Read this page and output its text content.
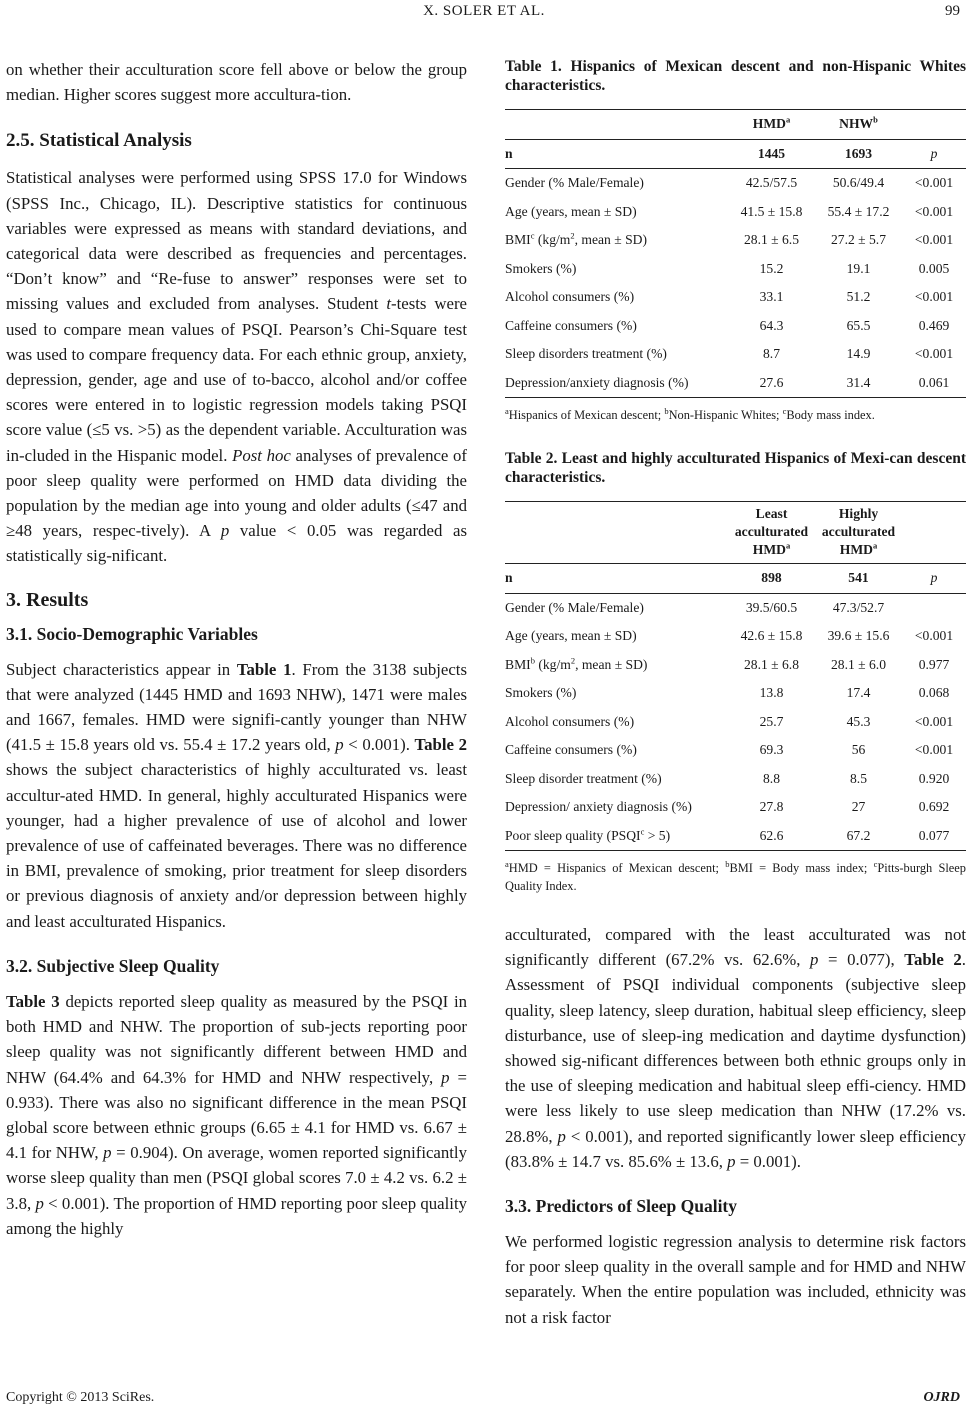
X. SOLER ET AL.	99

on whether their acculturation score fell above or below the group median. Higher scores suggest more accultura-tion.

2.5. Statistical Analysis

Statistical analyses were performed using SPSS 17.0 for Windows (SPSS Inc., Chicago, IL). Descriptive statistics for continuous variables were expressed as means with standard deviations, and categorical data were described as frequencies and percentages. “Don’t know” and “Re-fuse to answer” responses were set to missing values and excluded from analyses. Student t-tests were used to compare mean values of PSQI. Pearson’s Chi-Square test was used to compare frequency data. For each ethnic group, anxiety, depression, gender, age and use of to-bacco, alcohol and/or coffee scores were entered in to logistic regression models taking PSQI score value (≤5 vs. >5) as the dependent variable. Acculturation was in-cluded in the Hispanic model. Post hoc analyses of prevalence of poor sleep quality were performed on HMD data dividing the population by the median age into young and older adults (≤47 and ≥48 years, respec-tively). A p value < 0.05 was regarded as statistically sig-nificant.

3. Results
3.1. Socio-Demographic Variables

Subject characteristics appear in Table 1. From the 3138 subjects that were analyzed (1445 HMD and 1693 NHW), 1471 were males and 1667, females. HMD were signifi-cantly younger than NHW (41.5 ± 15.8 years old vs. 55.4 ± 17.2 years old, p < 0.001). Table 2 shows the subject characteristics of highly acculturated vs. least accultur-ated HMD. In general, highly acculturated Hispanics were younger, had a higher prevalence of use of alcohol and lower prevalence of use of caffeinated beverages. There was no difference in BMI, prevalence of smoking, prior treatment for sleep disorders or previous diagnosis of anxiety and/or depression between highly and least acculturated Hispanics.

3.2. Subjective Sleep Quality

Table 3 depicts reported sleep quality as measured by the PSQI in both HMD and NHW. The proportion of sub-jects reporting poor sleep quality was not significantly different between HMD and NHW (64.4% and 64.3% for HMD and NHW respectively, p = 0.933). There was also no significant difference in the mean PSQI global score between ethnic groups (6.65 ± 4.1 for HMD vs. 6.67 ± 4.1 for NHW, p = 0.904). On average, women reported significantly worse sleep quality than men (PSQI global scores 7.0 ± 4.2 vs. 6.2 ± 3.8, p < 0.001). The proportion of HMD reporting poor sleep quality among the highly

Table 1. Hispanics of Mexican descent and non-Hispanic Whites characteristics.

	HMD$^a$	NHW$^b$	
n	1445	1693	p
Gender (% Male/Female)	42.5/57.5	50.6/49.4	<0.001
Age (years, mean ± SD)	41.5 ± 15.8	55.4 ± 17.2	<0.001
BMI$^c$ ($kg/m^2$, mean ± SD)	28.1 ± 6.5	27.2 ± 5.7	<0.001
Smokers (%)	15.2	19.1	0.005
Alcohol consumers (%)	33.1	51.2	<0.001
Caffeine consumers (%)	64.3	65.5	0.469
Sleep disorders treatment (%)	8.7	14.9	<0.001
Depression/anxiety diagnosis (%)	27.6	31.4	0.061

$^a$Hispanics of Mexican descent; $^b$Non-Hispanic Whites; $^c$Body mass index.

Table 2. Least and highly acculturated Hispanics of Mexi-can descent characteristics.

	Least
acculturated
HMD$^a$	Highly
acculturated
HMD$^a$	
n	898	541	p
Gender (% Male/Female)	39.5/60.5	47.3/52.7	
Age (years, mean ± SD)	42.6 ± 15.8	39.6 ± 15.6	<0.001
BMI$^b$ ($kg/m^2$, mean ± SD)	28.1 ± 6.8	28.1 ± 6.0	0.977
Smokers (%)	13.8	17.4	0.068
Alcohol consumers (%)	25.7	45.3	<0.001
Caffeine consumers (%)	69.3	56	<0.001
Sleep disorder treatment (%)	8.8	8.5	0.920
Depression/ anxiety diagnosis (%)	27.8	27	0.692
Poor sleep quality $(PSQI^c > 5)$	62.6	67.2	0.077

$^a$HMD = Hispanics of Mexican descent; $^b$BMI = Body mass index; $^c$Pitts-burgh Sleep Quality Index.

acculturated, compared with the least acculturated was not significantly different (67.2% vs. 62.6%, p = 0.077), Table 2. Assessment of PSQI individual components (subjective sleep quality, sleep latency, sleep duration, habitual sleep efficiency, sleep disturbance, use of sleep-ing medication and daytime dysfunction) showed sig-nificant differences between both ethnic groups only in the use of sleeping medication and habitual sleep effi-ciency. HMD were less likely to use sleep medication than NHW (17.2% vs. 28.8%, p < 0.001), and reported significantly lower sleep efficiency (83.8% ± 14.7 vs. 85.6% ± 13.6, p = 0.001).

3.3. Predictors of Sleep Quality

We performed logistic regression analysis to determine risk factors for poor sleep quality in the overall sample and for HMD and NHW separately. When the entire population was included, ethnicity was not a risk factor

Copyright © 2013 SciRes.	OJRD
